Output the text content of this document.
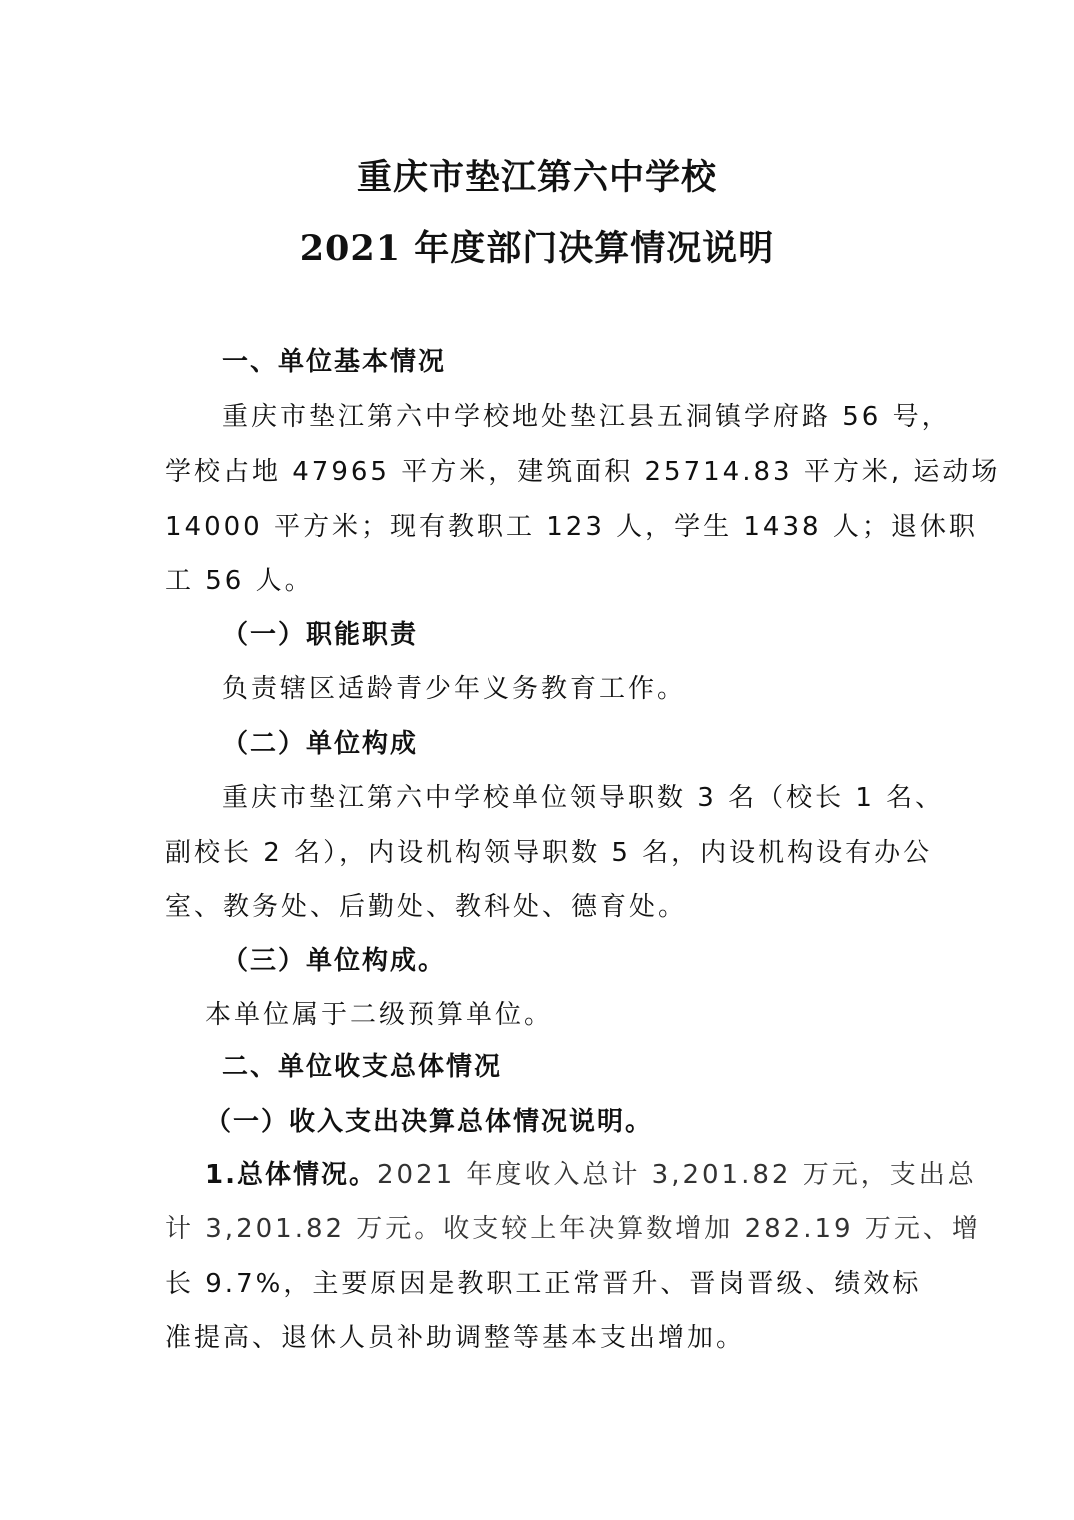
重庆市垫江第六中学校
2021 年度部门决算情况说明
一、单位基本情况
重庆市垫江第六中学校地处垫江县五洞镇学府路 56 号，
学校占地 47965 平方米，建筑面积 25714.83 平方米, 运动场
14000 平方米；现有教职工 123 人，学生 1438 人；退休职
工 56 人。
（一）职能职责
负责辖区适龄青少年义务教育工作。
（二）单位构成
重庆市垫江第六中学校单位领导职数 3 名（校长 1 名、
副校长 2 名），内设机构领导职数 5 名，内设机构设有办公
室、教务处、后勤处、教科处、德育处。
（三）单位构成。
本单位属于二级预算单位。
二、单位收支总体情况
（一）收入支出决算总体情况说明。
1.总体情况。2021 年度收入总计 3,201.82 万元，支出总
计 3,201.82 万元。收支较上年决算数增加 282.19 万元、增
长 9.7%，主要原因是教职工正常晋升、晋岗晋级、绩效标
准提高、退休人员补助调整等基本支出增加。
